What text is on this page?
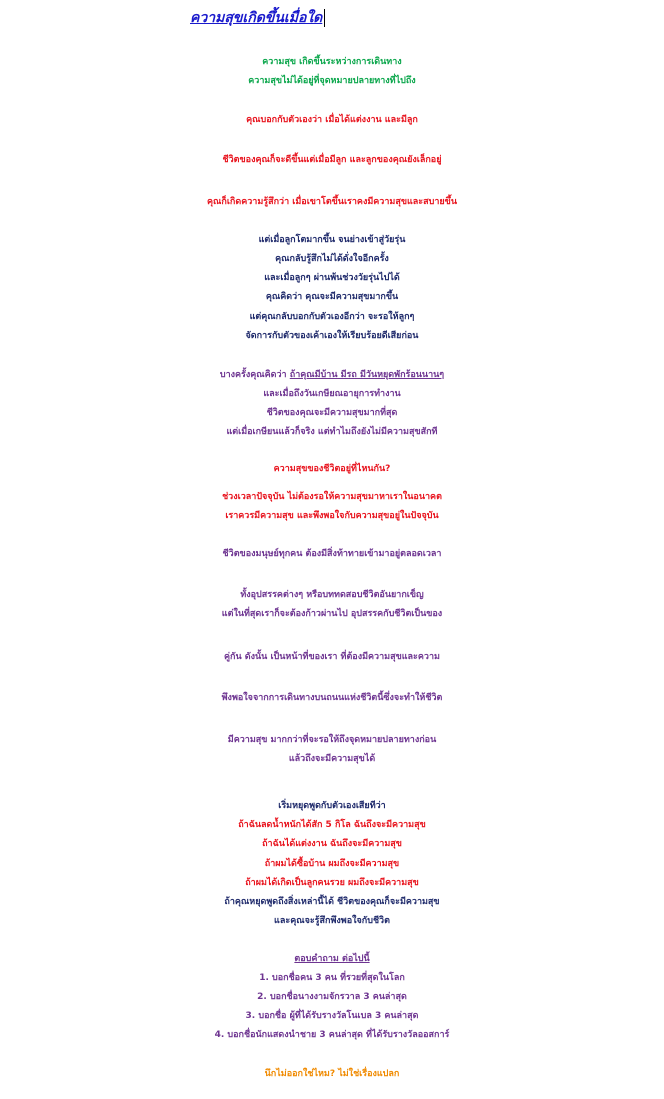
ความสุขเกิดขึ้นเมื่อใด
ความสุข เกิดขึ้นระหว่างการเดินทาง
ความสุขไม่ได้อยู่ที่จุดหมายปลายทางที่ไปถึง
คุณบอกกับตัวเองว่า เมื่อได้แต่งงาน และมีลูก
ชีวิตของคุณก็จะดีขึ้นแต่เมื่อมีลูก และลูกของคุณยังเล็กอยู่
คุณก็เกิดความรู้สึกว่า เมื่อเขาโตขึ้นเราคงมีความสุขและสบายขึ้น
แต่เมื่อลูกโตมากขึ้น จนย่างเข้าสู่วัยรุ่น
คุณกลับรู้สึกไม่ได้ดั่งใจอีกครั้ง
และเมื่อลูกๆ ผ่านพ้นช่วงวัยรุ่นไปได้
คุณคิดว่า คุณจะมีความสุขมากขึ้น
แต่คุณกลับบอกกับตัวเองอีกว่า จะรอให้ลูกๆ
จัดการกับตัวของเค้าเองให้เรียบร้อยดีเสียก่อน
บางครั้งคุณคิดว่า ถ้าคุณมีบ้าน มีรถ มีวันหยุดพักร้อนนานๆ
และเมื่อถึงวันเกษียณอายุการทำงาน
ชีวิตของคุณจะมีความสุขมากที่สุด
แต่เมื่อเกษียนแล้วก็จริง แต่ทำไมถึงยังไม่มีความสุขสักที
ความสุขของชีวิตอยู่ที่ไหนกัน?
ช่วงเวลาปัจจุบัน ไม่ต้องรอให้ความสุขมาหาเราในอนาคต
เราควรมีความสุข และพึงพอใจกับความสุขอยู่ในปัจจุบัน
ชีวิตของมนุษย์ทุกคน ต้องมีสิ่งท้าทายเข้ามาอยู่ตลอดเวลา
ทั้งอุปสรรคต่างๆ หรือบททดสอบชีวิตอันยากเข็ญ
แต่ในที่สุดเราก็จะต้องก้าวผ่านไป อุปสรรคกับชีวิตเป็นของ
คู่กัน ดังนั้น เป็นหน้าที่ของเรา ที่ต้องมีความสุขและความ
พึงพอใจจากการเดินทางบนถนนแห่งชีวิตนี้ซึ่งจะทำให้ชีวิต
มีความสุข มากกว่าที่จะรอให้ถึงจุดหมายปลายทางก่อน
แล้วถึงจะมีความสุขได้
เริ่มหยุดพูดกับตัวเองเสียทีว่า
ถ้าฉันลดน้ำหนักได้สัก 5 กิโล ฉันถึงจะมีความสุข
ถ้าฉันได้แต่งงาน ฉันถึงจะมีความสุข
ถ้าผมได้ซื้อบ้าน ผมถึงจะมีความสุข
ถ้าผมได้เกิดเป็นลูกคนรวย ผมถึงจะมีความสุข
ถ้าคุณหยุดพูดถึงสิ่งเหล่านี้ได้ ชีวิตของคุณก็จะมีความสุข
และคุณจะรู้สึกพึงพอใจกับชีวิต
ตอบคำถาม ต่อไปนี้
1. บอกชื่อคน 3 คน ที่รวยที่สุดในโลก
2. บอกชื่อนางงามจักรวาล 3 คนล่าสุด
3. บอกชื่อ ผู้ที่ได้รับรางวัลโนเบล 3 คนล่าสุด
4. บอกชื่อนักแสดงนำชาย 3 คนล่าสุด ที่ได้รับรางวัลออสการ์
นึกไม่ออกใช่ไหม? ไม่ใช่เรื่องแปลก
